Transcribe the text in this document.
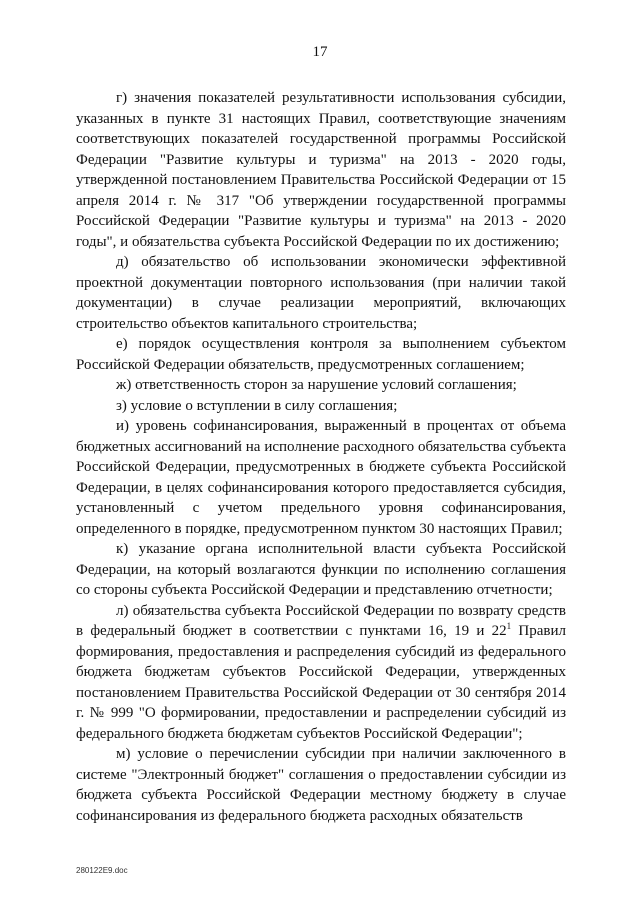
17

г) значения показателей результативности использования субсидии, указанных в пункте 31 настоящих Правил, соответствующие значениям соответствующих показателей государственной программы Российской Федерации "Развитие культуры и туризма" на 2013 - 2020 годы, утвержденной постановлением Правительства Российской Федерации от 15 апреля 2014 г. № 317 "Об утверждении государственной программы Российской Федерации "Развитие культуры и туризма" на 2013 - 2020 годы", и обязательства субъекта Российской Федерации по их достижению;

д) обязательство об использовании экономически эффективной проектной документации повторного использования (при наличии такой документации) в случае реализации мероприятий, включающих строительство объектов капитального строительства;

е) порядок осуществления контроля за выполнением субъектом Российской Федерации обязательств, предусмотренных соглашением;

ж) ответственность сторон за нарушение условий соглашения;

з) условие о вступлении в силу соглашения;

и) уровень софинансирования, выраженный в процентах от объема бюджетных ассигнований на исполнение расходного обязательства субъекта Российской Федерации, предусмотренных в бюджете субъекта Российской Федерации, в целях софинансирования которого предоставляется субсидия, установленный с учетом предельного уровня софинансирования, определенного в порядке, предусмотренном пунктом 30 настоящих Правил;

к) указание органа исполнительной власти субъекта Российской Федерации, на который возлагаются функции по исполнению соглашения со стороны субъекта Российской Федерации и представлению отчетности;

л) обязательства субъекта Российской Федерации по возврату средств в федеральный бюджет в соответствии с пунктами 16, 19 и $22^1$ Правил формирования, предоставления и распределения субсидий из федерального бюджета бюджетам субъектов Российской Федерации, утвержденных постановлением Правительства Российской Федерации от 30 сентября 2014 г. № 999 "О формировании, предоставлении и распределении субсидий из федерального бюджета бюджетам субъектов Российской Федерации";

м) условие о перечислении субсидии при наличии заключенного в системе "Электронный бюджет" соглашения о предоставлении субсидии из бюджета субъекта Российской Федерации местному бюджету в случае софинансирования из федерального бюджета расходных обязательств

280122E9.doc
